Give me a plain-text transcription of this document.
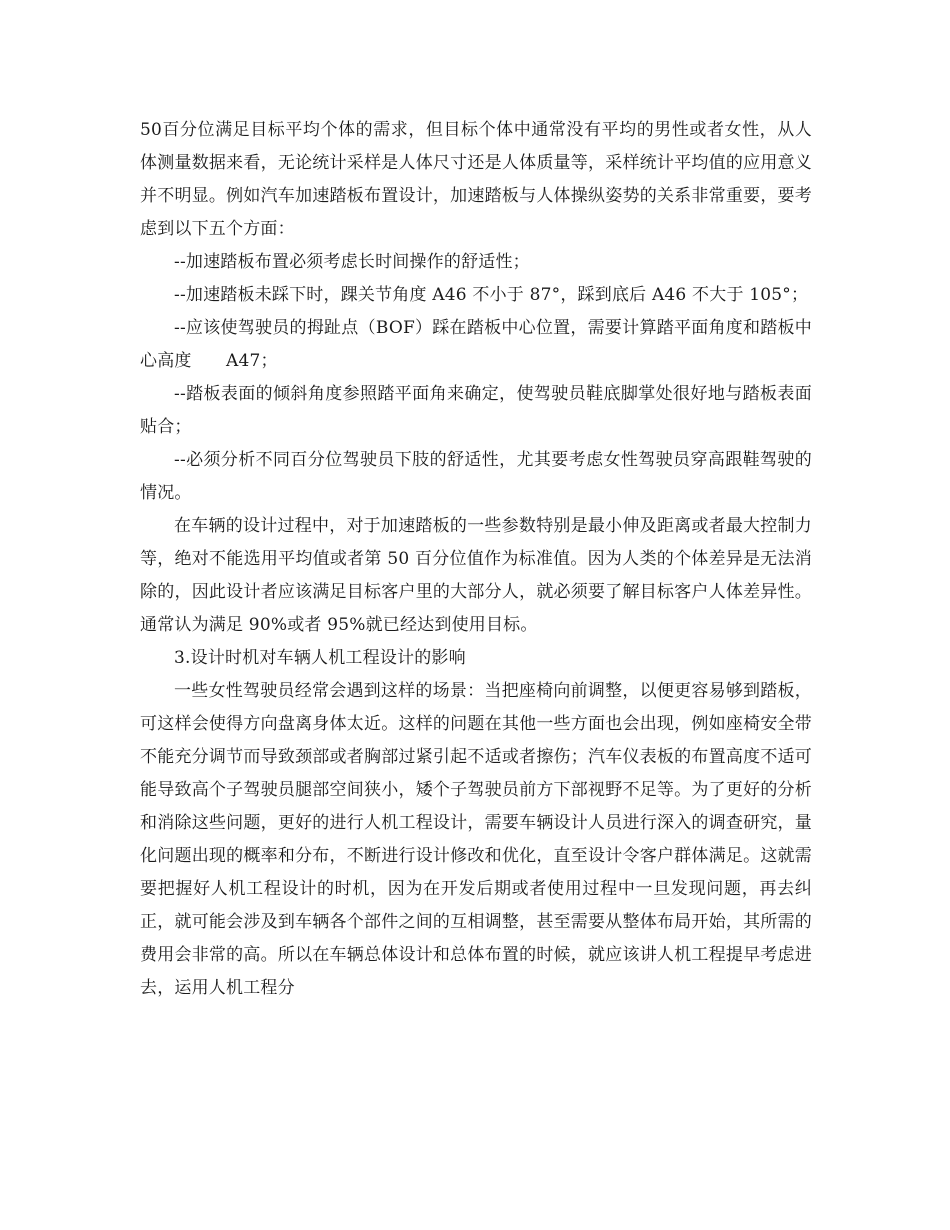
50百分位满足目标平均个体的需求，但目标个体中通常没有平均的男性或者女性，从人体测量数据来看，无论统计采样是人体尺寸还是人体质量等，采样统计平均值的应用意义并不明显。例如汽车加速踏板布置设计，加速踏板与人体操纵姿势的关系非常重要，要考虑到以下五个方面：

--加速踏板布置必须考虑长时间操作的舒适性；

--加速踏板未踩下时，踝关节角度 A46 不小于 87°，踩到底后 A46 不大于 105°；

--应该使驾驶员的拇趾点（BOF）踩在踏板中心位置，需要计算踏平面角度和踏板中心高度　　A47；

--踏板表面的倾斜角度参照踏平面角来确定，使驾驶员鞋底脚掌处很好地与踏板表面贴合；

--必须分析不同百分位驾驶员下肢的舒适性，尤其要考虑女性驾驶员穿高跟鞋驾驶的情况。

在车辆的设计过程中，对于加速踏板的一些参数特别是最小伸及距离或者最大控制力等，绝对不能选用平均值或者第 50 百分位值作为标准值。因为人类的个体差异是无法消除的，因此设计者应该满足目标客户里的大部分人，就必须要了解目标客户人体差异性。通常认为满足 90%或者 95%就已经达到使用目标。

3.设计时机对车辆人机工程设计的影响

一些女性驾驶员经常会遇到这样的场景：当把座椅向前调整，以便更容易够到踏板，可这样会使得方向盘离身体太近。这样的问题在其他一些方面也会出现，例如座椅安全带不能充分调节而导致颈部或者胸部过紧引起不适或者擦伤；汽车仪表板的布置高度不适可能导致高个子驾驶员腿部空间狭小，矮个子驾驶员前方下部视野不足等。为了更好的分析和消除这些问题，更好的进行人机工程设计，需要车辆设计人员进行深入的调查研究，量化问题出现的概率和分布，不断进行设计修改和优化，直至设计令客户群体满足。这就需要把握好人机工程设计的时机，因为在开发后期或者使用过程中一旦发现问题，再去纠正，就可能会涉及到车辆各个部件之间的互相调整，甚至需要从整体布局开始，其所需的费用会非常的高。所以在车辆总体设计和总体布置的时候，就应该讲人机工程提早考虑进去，运用人机工程分
